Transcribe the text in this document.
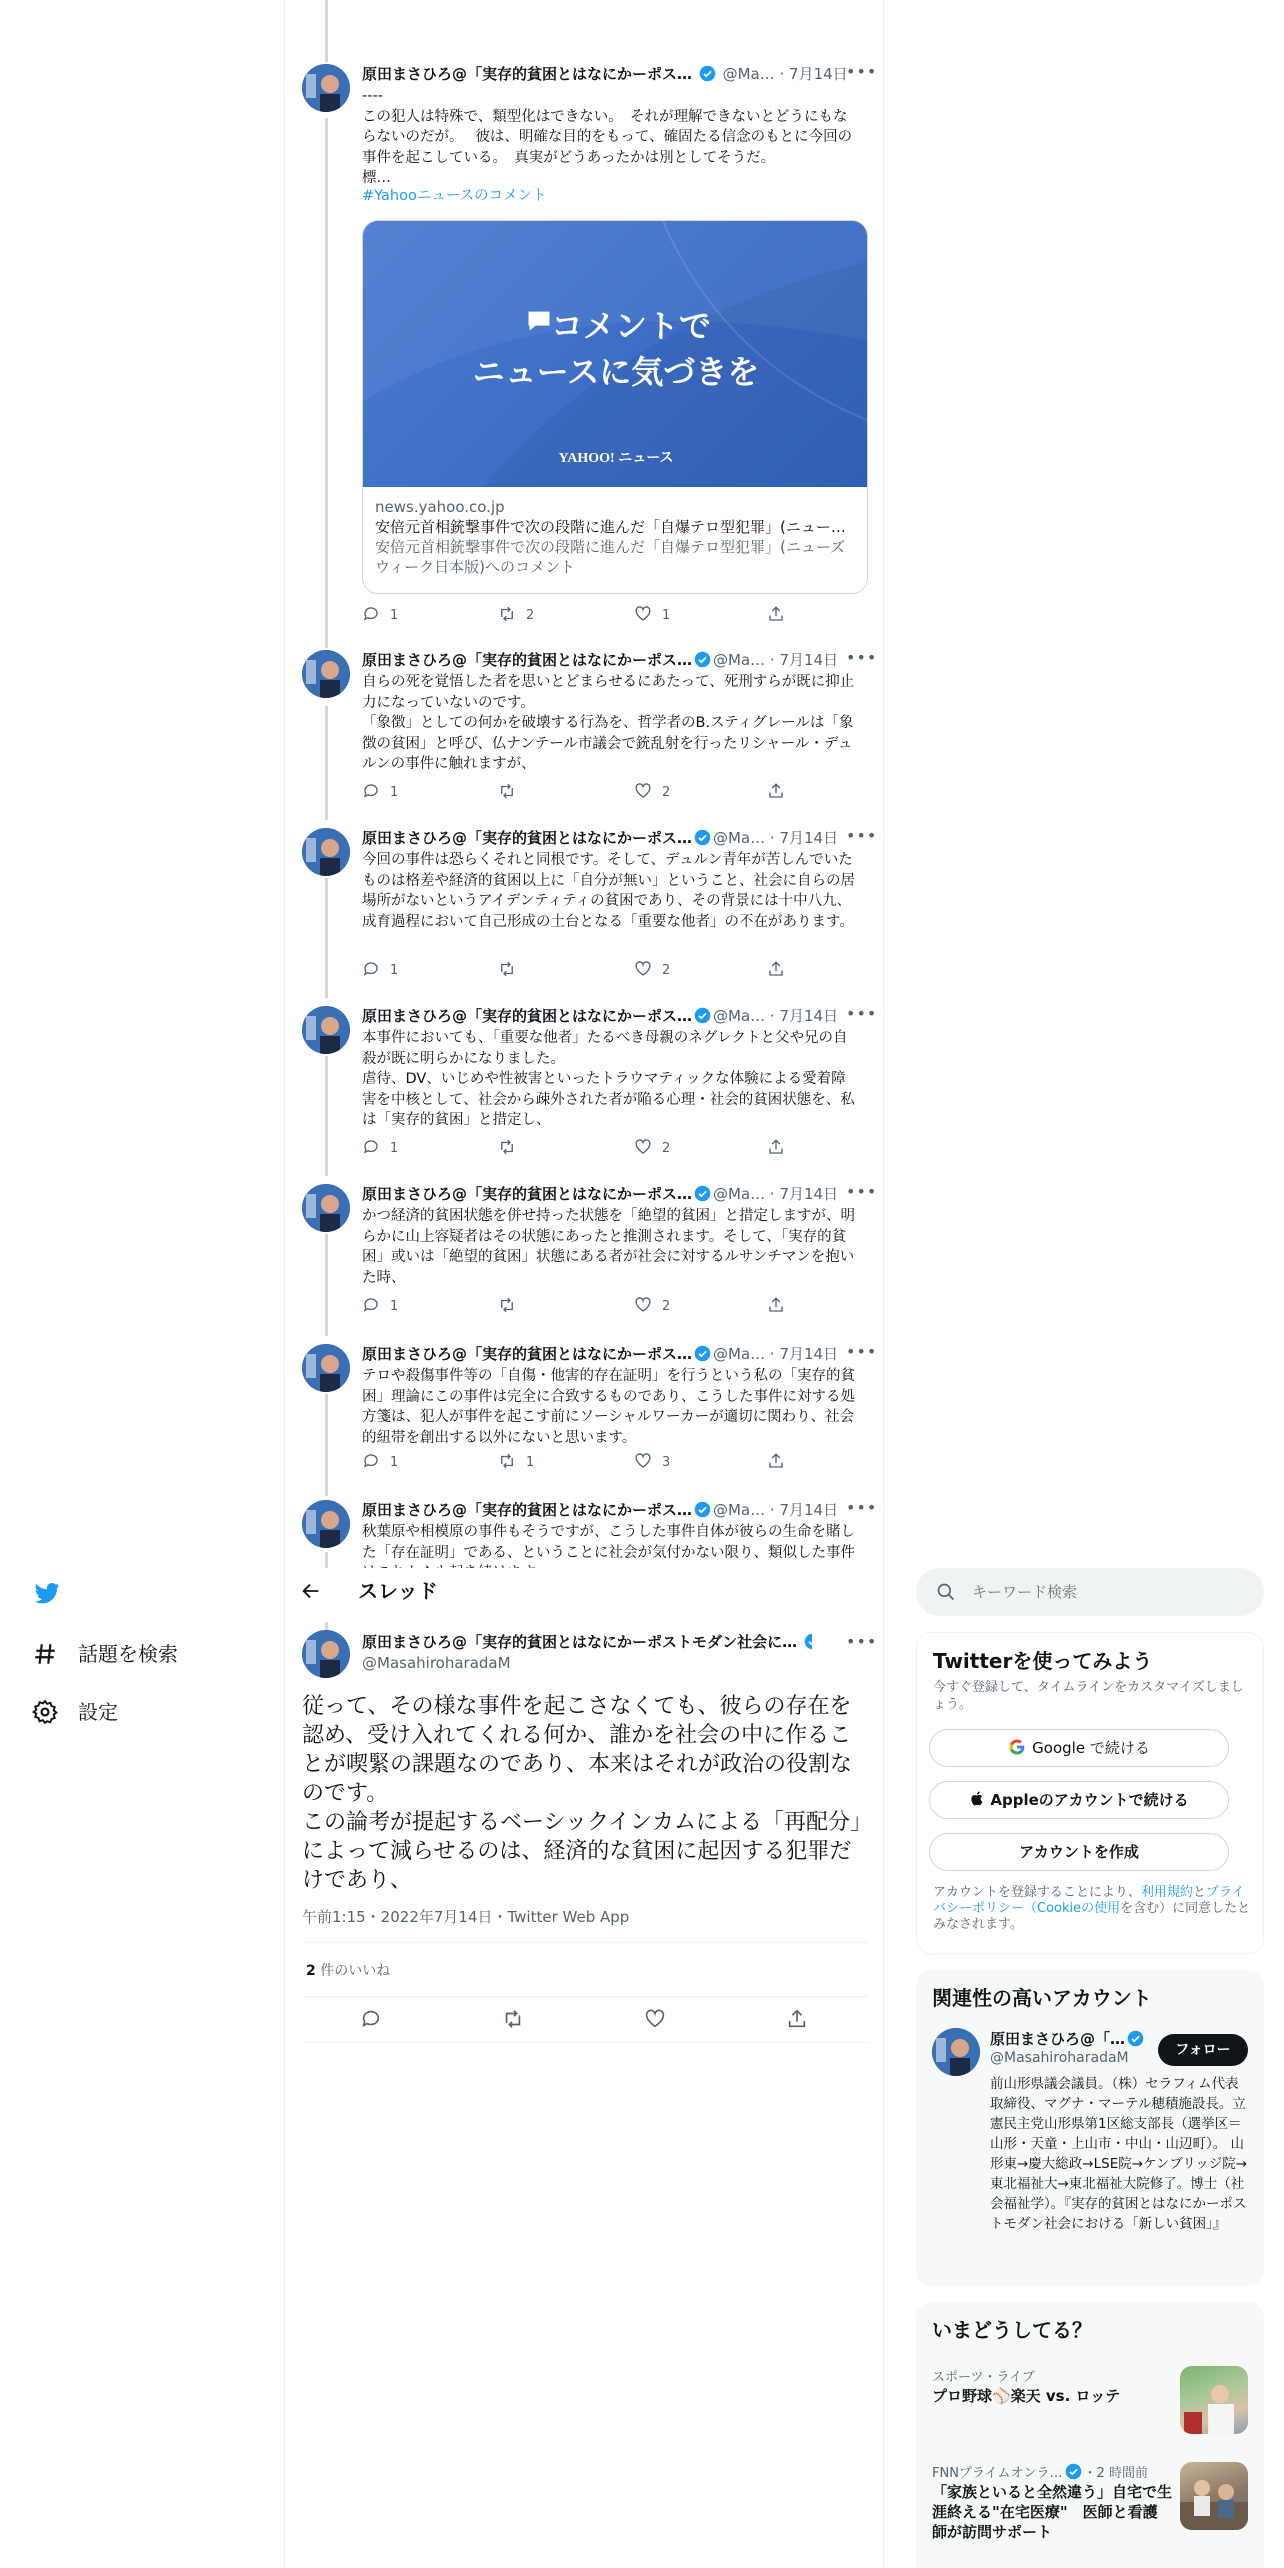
原田まさひろ@「実存的貧困とはなにかーポス… @Ma… · 7月14日
•••
----
この犯人は特殊で、類型化はできない。　それが理解できないとどうにもならないのだが。　 彼は、明確な目的をもって、確固たる信念のもとに今回の事件を起こしている。　真実がどうあったかは別としてそうだ。
標…
#Yahooニュースのコメント
コメントで
ニュースに気づきを
YAHOO! ニュース
news.yahoo.co.jp
安倍元首相銃撃事件で次の段階に進んだ「自爆テロ型犯罪」(ニュー…
安倍元首相銃撃事件で次の段階に進んだ「自爆テロ型犯罪」(ニューズウィーク日本版)へのコメント
1	2	1
原田まさひろ@「実存的貧困とはなにかーポス… @Ma… · 7月14日 •••
自らの死を覚悟した者を思いとどまらせるにあたって、死刑すらが既に抑止力になっていないのです。
「象徴」としての何かを破壊する行為を、哲学者のB.スティグレールは「象徴の貧困」と呼び、仏ナンテール市議会で銃乱射を行ったリシャール・デュルンの事件に触れますが、
1	2
原田まさひろ@「実存的貧困とはなにかーポス… @Ma… · 7月14日 •••
今回の事件は恐らくそれと同根です。そして、デュルン青年が苦しんでいたものは格差や経済的貧困以上に「自分が無い」ということ、社会に自らの居場所がないというアイデンティティの貧困であり、その背景には十中八九、成育過程において自己形成の土台となる「重要な他者」の不在があります。
1	2
原田まさひろ@「実存的貧困とはなにかーポス… @Ma… · 7月14日 •••
本事件においても、「重要な他者」たるべき母親のネグレクトと父や兄の自殺が既に明らかになりました。
虐待、DV、いじめや性被害といったトラウマティックな体験による愛着障害を中核として、社会から疎外された者が陥る心理・社会的貧困状態を、私は「実存的貧困」と措定し、
1	2
原田まさひろ@「実存的貧困とはなにかーポス… @Ma… · 7月14日 •••
かつ経済的貧困状態を併せ持った状態を「絶望的貧困」と措定しますが、明らかに山上容疑者はその状態にあったと推測されます。そして、「実存的貧困」或いは「絶望的貧困」状態にある者が社会に対するルサンチマンを抱いた時、
1	2
原田まさひろ@「実存的貧困とはなにかーポス… @Ma… · 7月14日 •••
テロや殺傷事件等の「自傷・他害的存在証明」を行うという私の「実存的貧困」理論にこの事件は完全に合致するものであり、こうした事件に対する処方箋は、犯人が事件を起こす前にソーシャルワーカーが適切に関わり、社会的紐帯を創出する以外にないと思います。
1	1	3
原田まさひろ@「実存的貧困とはなにかーポス… @Ma… · 7月14日 •••
秋葉原や相模原の事件もそうですが、こうした事件自体が彼らの生命を賭した「存在証明」である、ということに社会が気付かない限り、類似した事件
スレッド
原田まさひろ@「実存的貧困とはなにかーポストモダン社会に…
@MasahiroharadaM
•••
従って、その様な事件を起こさなくても、彼らの存在を認め、受け入れてくれる何か、誰かを社会の中に作ることが喫緊の課題なのであり、本来はそれが政治の役割なのです。
この論考が提起するベーシックインカムによる「再配分」によって減らせるのは、経済的な貧困に起因する犯罪だけであり、
午前1:15・2022年7月14日・Twitter Web App
2 件のいいね
話題を検索
設定
キーワード検索
Twitterを使ってみよう
今すぐ登録して、タイムラインをカスタマイズしましょう。
Google で続ける
Appleのアカウントで続ける
アカウントを作成
アカウントを登録することにより、利用規約とプライバシーポリシー（Cookieの使用を含む）に同意したとみなされます。
関連性の高いアカウント
原田まさひろ@「…
@MasahiroharadaM	フォロー
前山形県議会議員。（株）セラフィム代表取締役、マグナ・マーテル穂積施設長。立憲民主党山形県第1区総支部長（選挙区＝山形・天童・上山市・中山・山辺町）。 山形東→慶大総政→LSE院→ケンブリッジ院→東北福祉大→東北福祉大院修了。博士（社会福祉学）。『実存的貧困とはなにかーポストモダン社会における「新しい貧困」』
いまどうしてる？
スポーツ・ライブ
プロ野球⚾楽天 vs. ロッテ
FNNプライムオンラ… ・2 時間前
「家族といると全然違う」自宅で生涯終える"在宅医療"　医師と看護師が訪問サポート
